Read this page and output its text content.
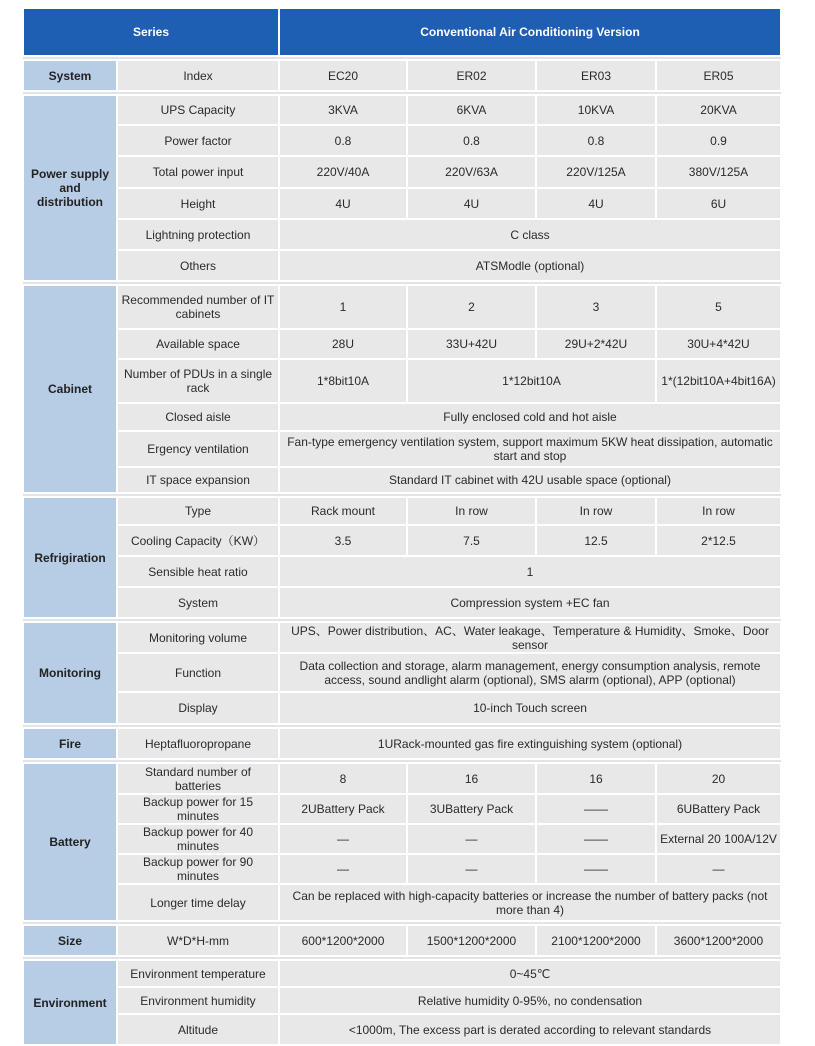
Series		Conventional Air Conditioning Version			

System	Index	EC20	ER02	ER03	ER05

Power supply and distribution	UPS Capacity	3KVA	6KVA	10KVA	20KVA
	Power factor	0.8	0.8	0.8	0.9
	Total power input	220V/40A	220V/63A	220V/125A	380V/125A
	Height	4U	4U	4U	6U
	Lightning protection	C class			
	Others	ATSModle (optional)			

Cabinet	Recommended number of IT cabinets	1	2	3	5
	Available space	28U	33U+42U	29U+2*42U	30U+4*42U
	Number of PDUs in a single rack	1*8bit10A	1*12bit10A		1*(12bit10A+4bit16A)
	Closed aisle	Fully enclosed cold and hot aisle			
	Ergency ventilation	Fan-type emergency ventilation system, support maximum 5KW heat dissipation, automatic start and stop			
	IT space expansion	Standard IT cabinet with 42U usable space (optional)			

Refrigiration	Type	Rack mount	In row	In row	In row
	Cooling Capacity（KW）	3.5	7.5	12.5	2*12.5
	Sensible heat ratio	1			
	System	Compression system +EC fan			

Monitoring	Monitoring volume	UPS、Power distribution、AC、Water leakage、Temperature & Humidity、Smoke、Door sensor			
	Function	Data collection and storage, alarm management, energy consumption analysis, remote access, sound andlight alarm (optional), SMS alarm (optional), APP (optional)			
	Display	10-inch Touch screen			

Fire	Heptafluoropropane	1URack-mounted gas fire extinguishing system (optional)			

Battery	Standard number of batteries	8	16	16	20
	Backup power for 15 minutes	2UBattery Pack	3UBattery Pack	——	6UBattery Pack
	Backup power for 40 minutes	—	—	——	External 20 100A/12V
	Backup power for 90 minutes	—	—	——	—
	Longer time delay	Can be replaced with high-capacity batteries or increase the number of battery packs (not more than 4)			

Size	W*D*H-mm	600*1200*2000	1500*1200*2000	2100*1200*2000	3600*1200*2000

Environment	Environment temperature	0~45℃			
	Environment humidity	Relative humidity 0-95%, no condensation			
	Altitude	<1000m, The excess part is derated according to relevant standards			
